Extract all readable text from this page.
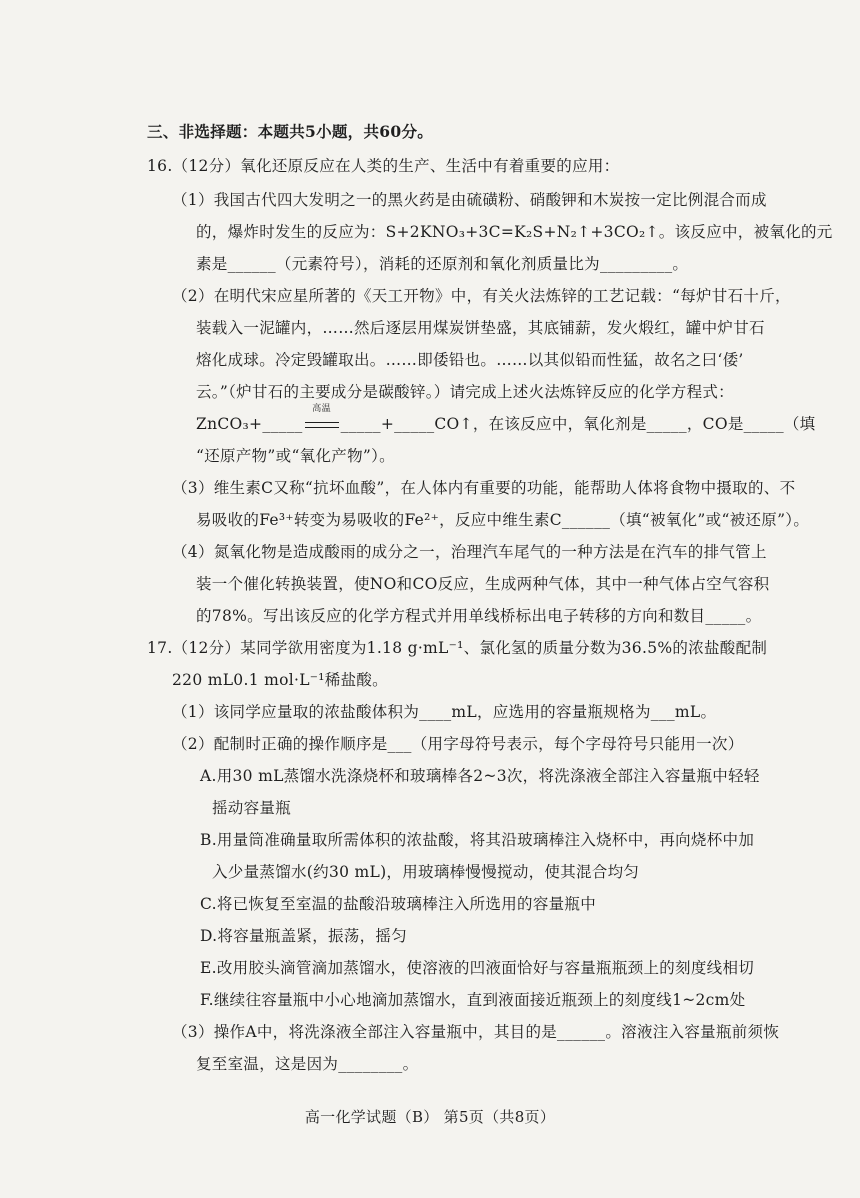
三、非选择题：本题共5小题，共60分。
16.（12分）氧化还原反应在人类的生产、生活中有着重要的应用：
（1）我国古代四大发明之一的黑火药是由硫磺粉、硝酸钾和木炭按一定比例混合而成
的，爆炸时发生的反应为：S+2KNO₃+3C=K₂S+N₂↑+3CO₂↑。该反应中，被氧化的元
素是______（元素符号），消耗的还原剂和氧化剂质量比为_________。
（2）在明代宋应星所著的《天工开物》中，有关火法炼锌的工艺记载：“每炉甘石十斤，
装载入一泥罐内，……然后逐层用煤炭饼垫盛，其底铺薪，发火煅红，罐中炉甘石
熔化成球。冷定毁罐取出。……即倭铅也。……以其似铅而性猛，故名之曰‘倭’
云。”（炉甘石的主要成分是碳酸锌。）请完成上述火法炼锌反应的化学方程式：
ZnCO₃+_____
高温
_____+_____CO↑，在该反应中，氧化剂是_____，CO是_____（填
“还原产物”或“氧化产物”）。
（3）维生素C又称“抗坏血酸”，在人体内有重要的功能，能帮助人体将食物中摄取的、不
易吸收的Fe³⁺转变为易吸收的Fe²⁺，反应中维生素C______（填“被氧化”或“被还原”）。
（4）氮氧化物是造成酸雨的成分之一，治理汽车尾气的一种方法是在汽车的排气管上
装一个催化转换装置，使NO和CO反应，生成两种气体，其中一种气体占空气容积
的78%。写出该反应的化学方程式并用单线桥标出电子转移的方向和数目_____。
17.（12分）某同学欲用密度为1.18 g·mL⁻¹、氯化氢的质量分数为36.5%的浓盐酸配制
220 mL0.1 mol·L⁻¹稀盐酸。
（1）该同学应量取的浓盐酸体积为____mL，应选用的容量瓶规格为___mL。
（2）配制时正确的操作顺序是___（用字母符号表示，每个字母符号只能用一次）
A.用30 mL蒸馏水洗涤烧杯和玻璃棒各2~3次，将洗涤液全部注入容量瓶中轻轻
摇动容量瓶
B.用量筒准确量取所需体积的浓盐酸，将其沿玻璃棒注入烧杯中，再向烧杯中加
入少量蒸馏水(约30 mL)，用玻璃棒慢慢搅动，使其混合均匀
C.将已恢复至室温的盐酸沿玻璃棒注入所选用的容量瓶中
D.将容量瓶盖紧，振荡，摇匀
E.改用胶头滴管滴加蒸馏水，使溶液的凹液面恰好与容量瓶瓶颈上的刻度线相切
F.继续往容量瓶中小心地滴加蒸馏水，直到液面接近瓶颈上的刻度线1~2cm处
（3）操作A中，将洗涤液全部注入容量瓶中，其目的是______。溶液注入容量瓶前须恢
复至室温，这是因为________。
高一化学试题（B） 第5页（共8页）
